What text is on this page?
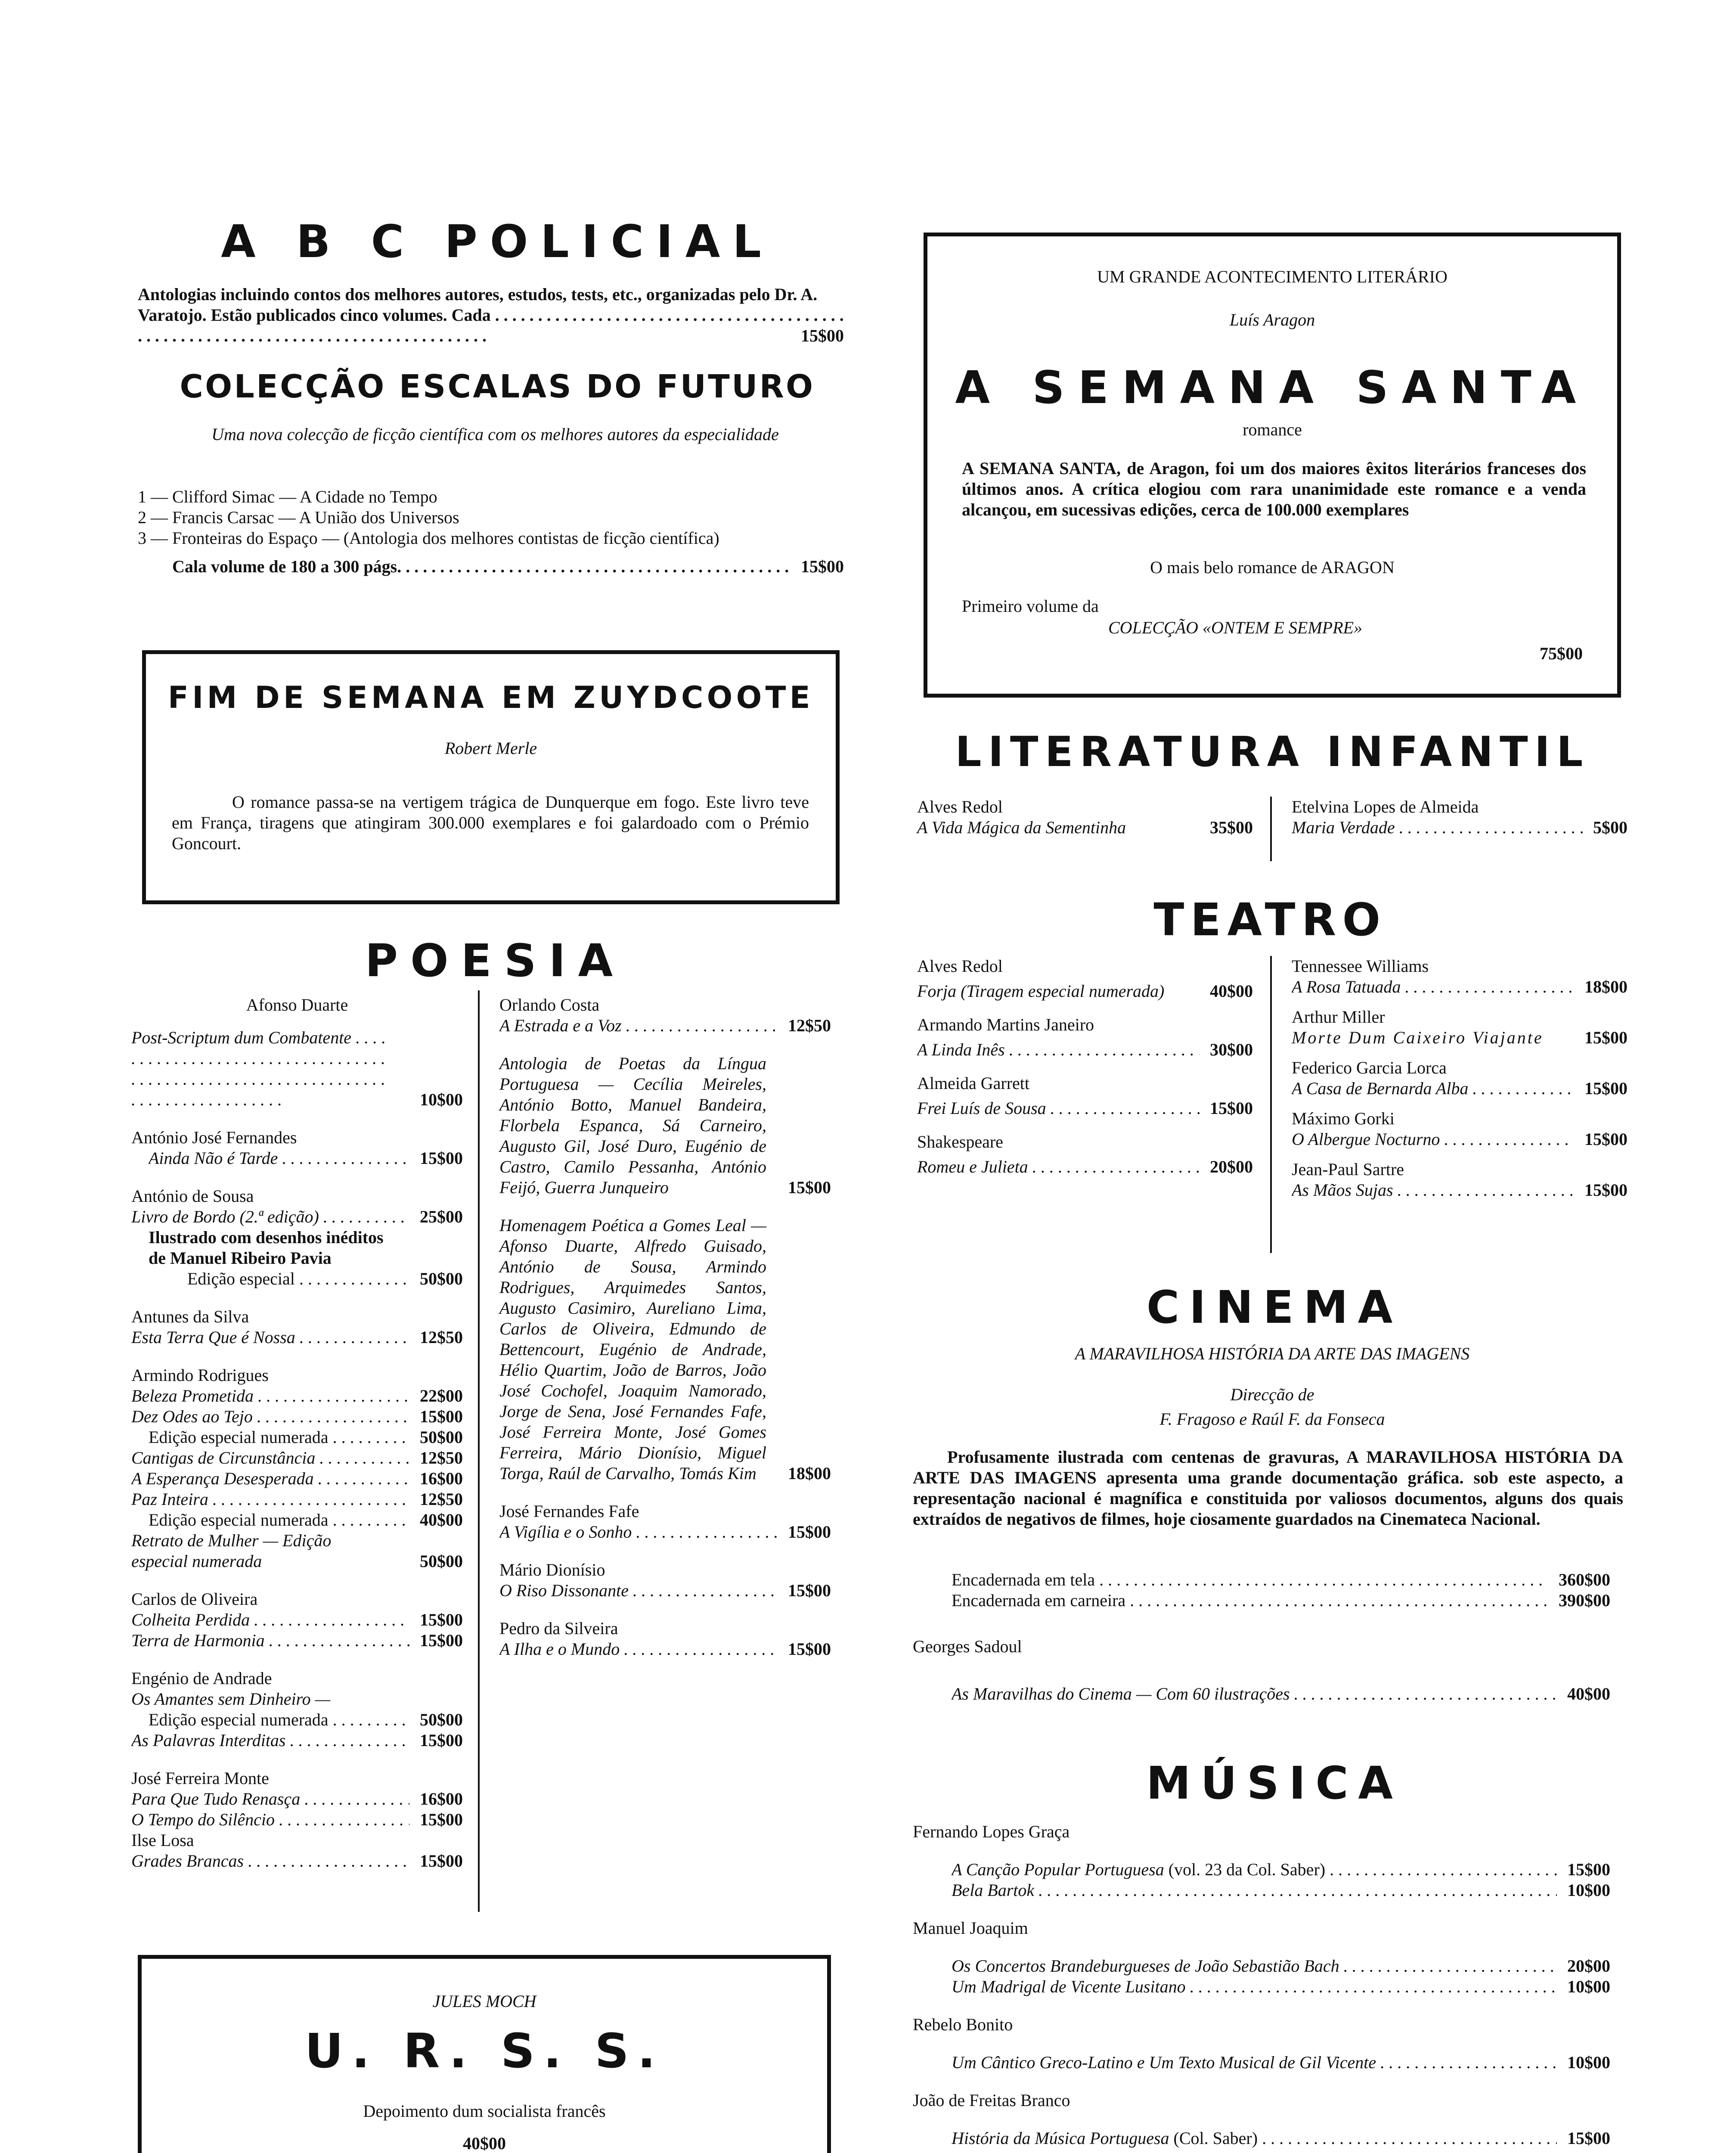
A B C POLICIAL
Antologias incluindo contos dos melhores autores, estudos, tests, etc., organizadas pelo Dr. A. Varatojo. Estão publicados cinco volumes. Cada . . .
15$00
COLECÇÃO ESCALAS DO FUTURO
Uma nova colecção de ficção científica com os melhores autores da especialidade
1 — Clifford Simac — A Cidade no Tempo
2 — Francis Carsac — A União dos Universos
3 — Fronteiras do Espaço — (Antologia dos melhores contistas de ficção científica)
Cala volume de 180 a 300 págs. . . .	15$00
FIM DE SEMANA EM ZUYDCOOTE
Robert Merle
O romance passa-se na vertigem trágica de Dunquerque em fogo. Este livro teve em França, tiragens que atingiram 300.000 exemplares e foi galardoado com o Prémio Goncourt.
POESIA
Afonso Duarte
Post-Scriptum dum Combatente . . .
10$00
António José Fernandes
Ainda Não é Tarde . . .	15$00
António de Sousa
Livro de Bordo (2.ª edição) . . .	25$00
Ilustrado com desenhos inéditos de Manuel Ribeiro Pavia
Edição especial . . .	50$00
Antunes da Silva
Esta Terra Que é Nossa . . .	12$50
Armindo Rodrigues
Beleza Prometida . . .	22$00
Dez Odes ao Tejo . . .	15$00
Edição especial numerada . . .	50$00
Cantigas de Circunstância . . .	12$50
A Esperança Desesperada . . .	16$00
Paz Inteira . . .	12$50
Edição especial numerada . . .	40$00
Retrato de Mulher — Edição especial numerada	50$00
Carlos de Oliveira
Colheita Perdida . . .	15$00
Terra de Harmonia . . .	15$00
Engénio de Andrade
Os Amantes sem Dinheiro —
Edição especial numerada . . .	50$00
As Palavras Interditas . . .	15$00
José Ferreira Monte
Para Que Tudo Renasça . . .	16$00
O Tempo do Silêncio . . .	15$00
Ilse Losa
Grades Brancas . . .	15$00
Orlando Costa
A Estrada e a Voz . . .	12$50
Antologia de Poetas da Língua Portuguesa — Cecília Meireles, António Botto, Manuel Bandeira, Florbela Espanca, Sá Carneiro, Augusto Gil, José Duro, Eugénio de Castro, Camilo Pessanha, António Feijó, Guerra Junqueiro	15$00
Homenagem Poética a Gomes Leal — Afonso Duarte, Alfredo Guisado, António de Sousa, Armindo Rodrigues, Arquimedes Santos, Augusto Casimiro, Aureliano Lima, Carlos de Oliveira, Edmundo de Bettencourt, Eugénio de Andrade, Hélio Quartim, João de Barros, João José Cochofel, Joaquim Namorado, Jorge de Sena, José Fernandes Fafe, José Ferreira Monte, José Gomes Ferreira, Mário Dionísio, Miguel Torga, Raúl de Carvalho, Tomás Kim	18$00
José Fernandes Fafe
A Vigília e o Sonho . . .	15$00
Mário Dionísio
O Riso Dissonante . . .	15$00
Pedro da Silveira
A Ilha e o Mundo . . .	15$00
JULES MOCH
U. R. S. S.
Depoimento dum socialista francês
40$00
UM GRANDE ACONTECIMENTO LITERÁRIO
Luís Aragon
A SEMANA SANTA
romance
A SEMANA SANTA, de Aragon, foi um dos maiores êxitos literários franceses dos últimos anos. A crítica elogiou com rara unanimidade este romance e a venda alcançou, em sucessivas edições, cerca de 100.000 exemplares
O mais belo romance de ARAGON
Primeiro volume da
COLECÇÃO «ONTEM E SEMPRE»
75$00
LITERATURA INFANTIL
Alves Redol
A Vida Mágica da Sementinha	35$00
Etelvina Lopes de Almeida
Maria Verdade . . .	5$00
TEATRO
Alves Redol
Forja (Tiragem especial numerada)	40$00
Armando Martins Janeiro
A Linda Inês . . .	30$00
Almeida Garrett
Frei Luís de Sousa . . .	15$00
Shakespeare
Romeu e Julieta . . .	20$00
Tennessee Williams
A Rosa Tatuada . . .	18$00
Arthur Miller
Morte Dum Caixeiro Viajante	15$00
Federico Garcia Lorca
A Casa de Bernarda Alba . . .	15$00
Máximo Gorki
O Albergue Nocturno . . .	15$00
Jean-Paul Sartre
As Mãos Sujas . . .	15$00
CINEMA
A MARAVILHOSA HISTÓRIA DA ARTE DAS IMAGENS
Direcção de
F. Fragoso e Raúl F. da Fonseca
Profusamente ilustrada com centenas de gravuras, A MARAVILHOSA HISTÓRIA DA ARTE DAS IMAGENS apresenta uma grande documentação gráfica. sob este aspecto, a representação nacional é magnífica e constituida por valiosos documentos, alguns dos quais extraídos de negativos de filmes, hoje ciosamente guardados na Cinemateca Nacional.
Encadernada em tela . . .	360$00
Encadernada em carneira . . .	390$00
Georges Sadoul
As Maravilhas do Cinema — Com 60 ilustrações . . .	40$00
MÚSICA
Fernando Lopes Graça
A Canção Popular Portuguesa (vol. 23 da Col. Saber) . . .	15$00
Bela Bartok . . .	10$00
Manuel Joaquim
Os Concertos Brandeburgueses de João Sebastião Bach . . .	20$00
Um Madrigal de Vicente Lusitano . . .	10$00
Rebelo Bonito
Um Cântico Greco-Latino e Um Texto Musical de Gil Vicente . . .	10$00
João de Freitas Branco
História da Música Portuguesa (Col. Saber) . . .	15$00
